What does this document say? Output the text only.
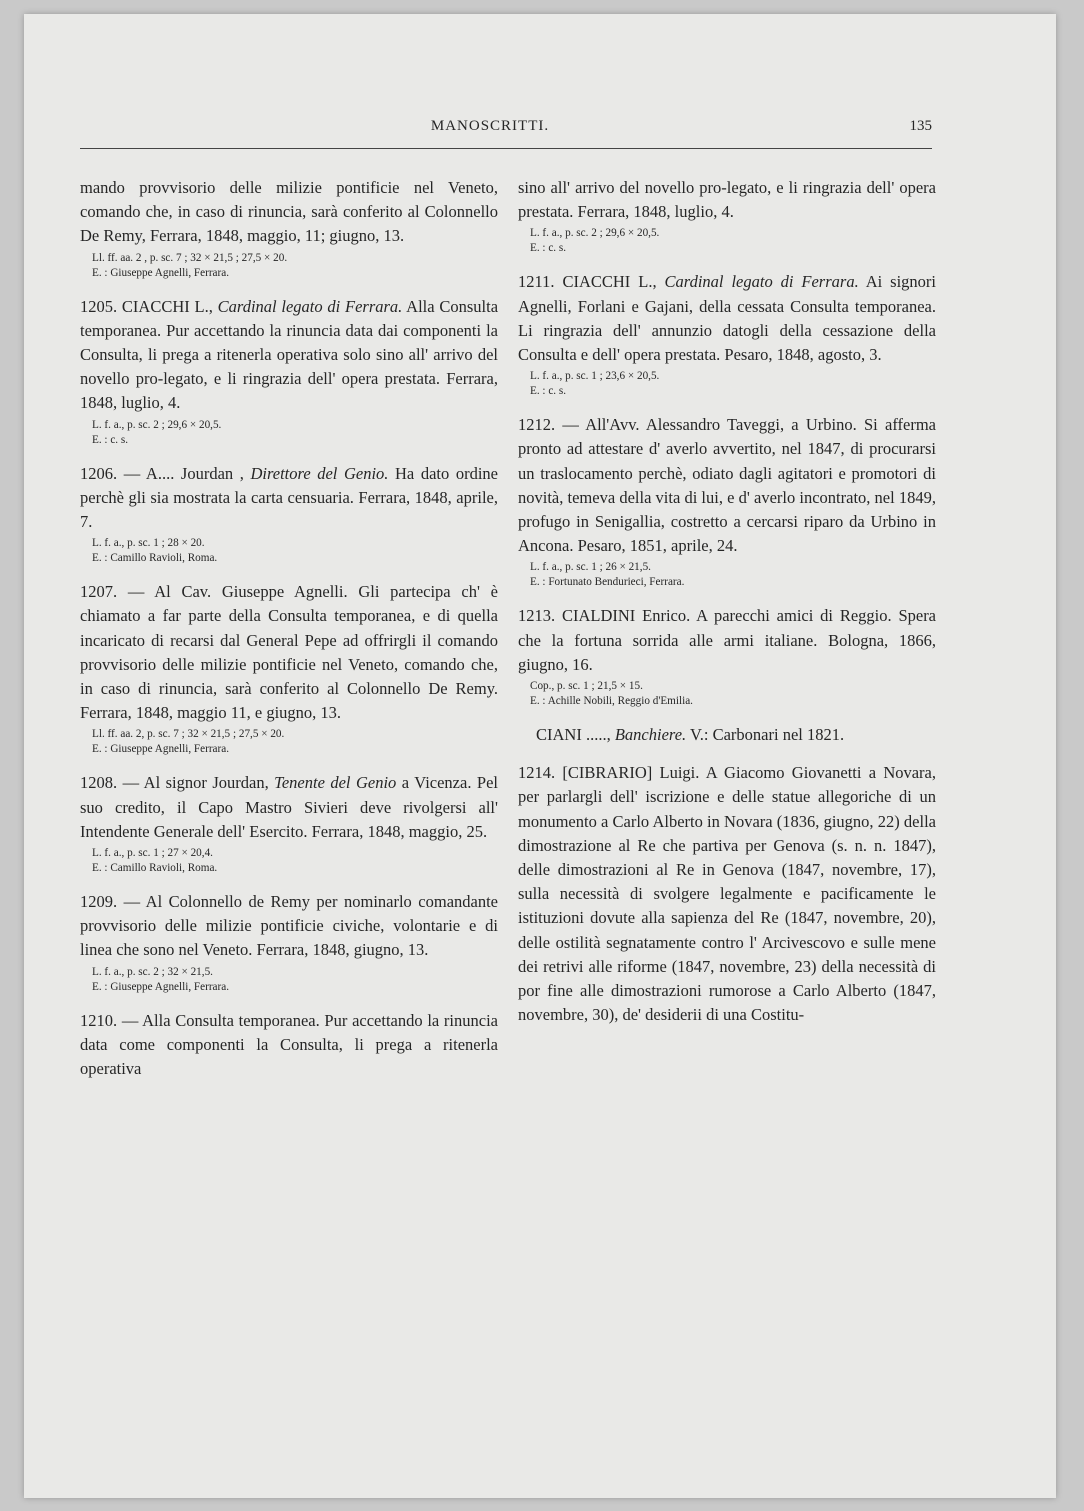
MANOSCRITTI.	135

mando provvisorio delle milizie pontificie nel Veneto, comando che, in caso di rinuncia, sarà conferito al Colonnello De Remy, Ferrara, 1848, maggio, 11; giugno, 13.

Ll. ff. aa. 2 , p. sc. 7 ; 32 × 21,5 ; 27,5 × 20.
E. : Giuseppe Agnelli, Ferrara.

1205. CIACCHI L., Cardinal legato di Ferrara. Alla Consulta temporanea. Pur accettando la rinuncia data dai componenti la Consulta, li prega a ritenerla operativa solo sino all' arrivo del novello pro-legato, e li ringrazia dell' opera prestata. Ferrara, 1848, luglio, 4.

L. f. a., p. sc. 2 ; 29,6 × 20,5.
E. : c. s.

1206. — A.... Jourdan , Direttore del Genio. Ha dato ordine perchè gli sia mostrata la carta censuaria. Ferrara, 1848, aprile, 7.

L. f. a., p. sc. 1 ; 28 × 20.
E. : Camillo Ravioli, Roma.

1207. — Al Cav. Giuseppe Agnelli. Gli partecipa ch' è chiamato a far parte della Consulta temporanea, e di quella incaricato di recarsi dal General Pepe ad offrirgli il comando provvisorio delle milizie pontificie nel Veneto, comando che, in caso di rinuncia, sarà conferito al Colonnello De Remy. Ferrara, 1848, maggio 11, e giugno, 13.

Ll. ff. aa. 2, p. sc. 7 ; 32 × 21,5 ; 27,5 × 20.
E. : Giuseppe Agnelli, Ferrara.

1208. — Al signor Jourdan, Tenente del Genio a Vicenza. Pel suo credito, il Capo Mastro Sivieri deve rivolgersi all' Intendente Generale dell' Esercito. Ferrara, 1848, maggio, 25.

L. f. a., p. sc. 1 ; 27 × 20,4.
E. : Camillo Ravioli, Roma.

1209. — Al Colonnello de Remy per nominarlo comandante provvisorio delle milizie pontificie civiche, volontarie e di linea che sono nel Veneto. Ferrara, 1848, giugno, 13.

L. f. a., p. sc. 2 ; 32 × 21,5.
E. : Giuseppe Agnelli, Ferrara.

1210. — Alla Consulta temporanea. Pur accettando la rinuncia data come componenti la Consulta, li prega a ritenerla operativa

sino all' arrivo del novello pro-legato, e li ringrazia dell' opera prestata. Ferrara, 1848, luglio, 4.

L. f. a., p. sc. 2 ; 29,6 × 20,5.
E. : c. s.

1211. CIACCHI L., Cardinal legato di Ferrara. Ai signori Agnelli, Forlani e Gajani, della cessata Consulta temporanea. Li ringrazia dell' annunzio datogli della cessazione della Consulta e dell' opera prestata. Pesaro, 1848, agosto, 3.

L. f. a., p. sc. 1 ; 23,6 × 20,5.
E. : c. s.

1212. — All'Avv. Alessandro Taveggi, a Urbino. Si afferma pronto ad attestare d' averlo avvertito, nel 1847, di procurarsi un traslocamento perchè, odiato dagli agitatori e promotori di novità, temeva della vita di lui, e d' averlo incontrato, nel 1849, profugo in Senigallia, costretto a cercarsi riparo da Urbino in Ancona. Pesaro, 1851, aprile, 24.

L. f. a., p. sc. 1 ; 26 × 21,5.
E. : Fortunato Bendurieci, Ferrara.

1213. CIALDINI Enrico. A parecchi amici di Reggio. Spera che la fortuna sorrida alle armi italiane. Bologna, 1866, giugno, 16.

Cop., p. sc. 1 ; 21,5 × 15.
E. : Achille Nobili, Reggio d'Emilia.

CIANI ....., Banchiere. V.: Carbonari nel 1821.

1214. [CIBRARIO] Luigi. A Giacomo Giovanetti a Novara, per parlargli dell' iscrizione e delle statue allegoriche di un monumento a Carlo Alberto in Novara (1836, giugno, 22) della dimostrazione al Re che partiva per Genova (s. n. n. 1847), delle dimostrazioni al Re in Genova (1847, novembre, 17), sulla necessità di svolgere legalmente e pacificamente le istituzioni dovute alla sapienza del Re (1847, novembre, 20), delle ostilità segnatamente contro l' Arcivescovo e sulle mene dei retrivi alle riforme (1847, novembre, 23) della necessità di por fine alle dimostrazioni rumorose a Carlo Alberto (1847, novembre, 30), de' desiderii di una Costitu-
